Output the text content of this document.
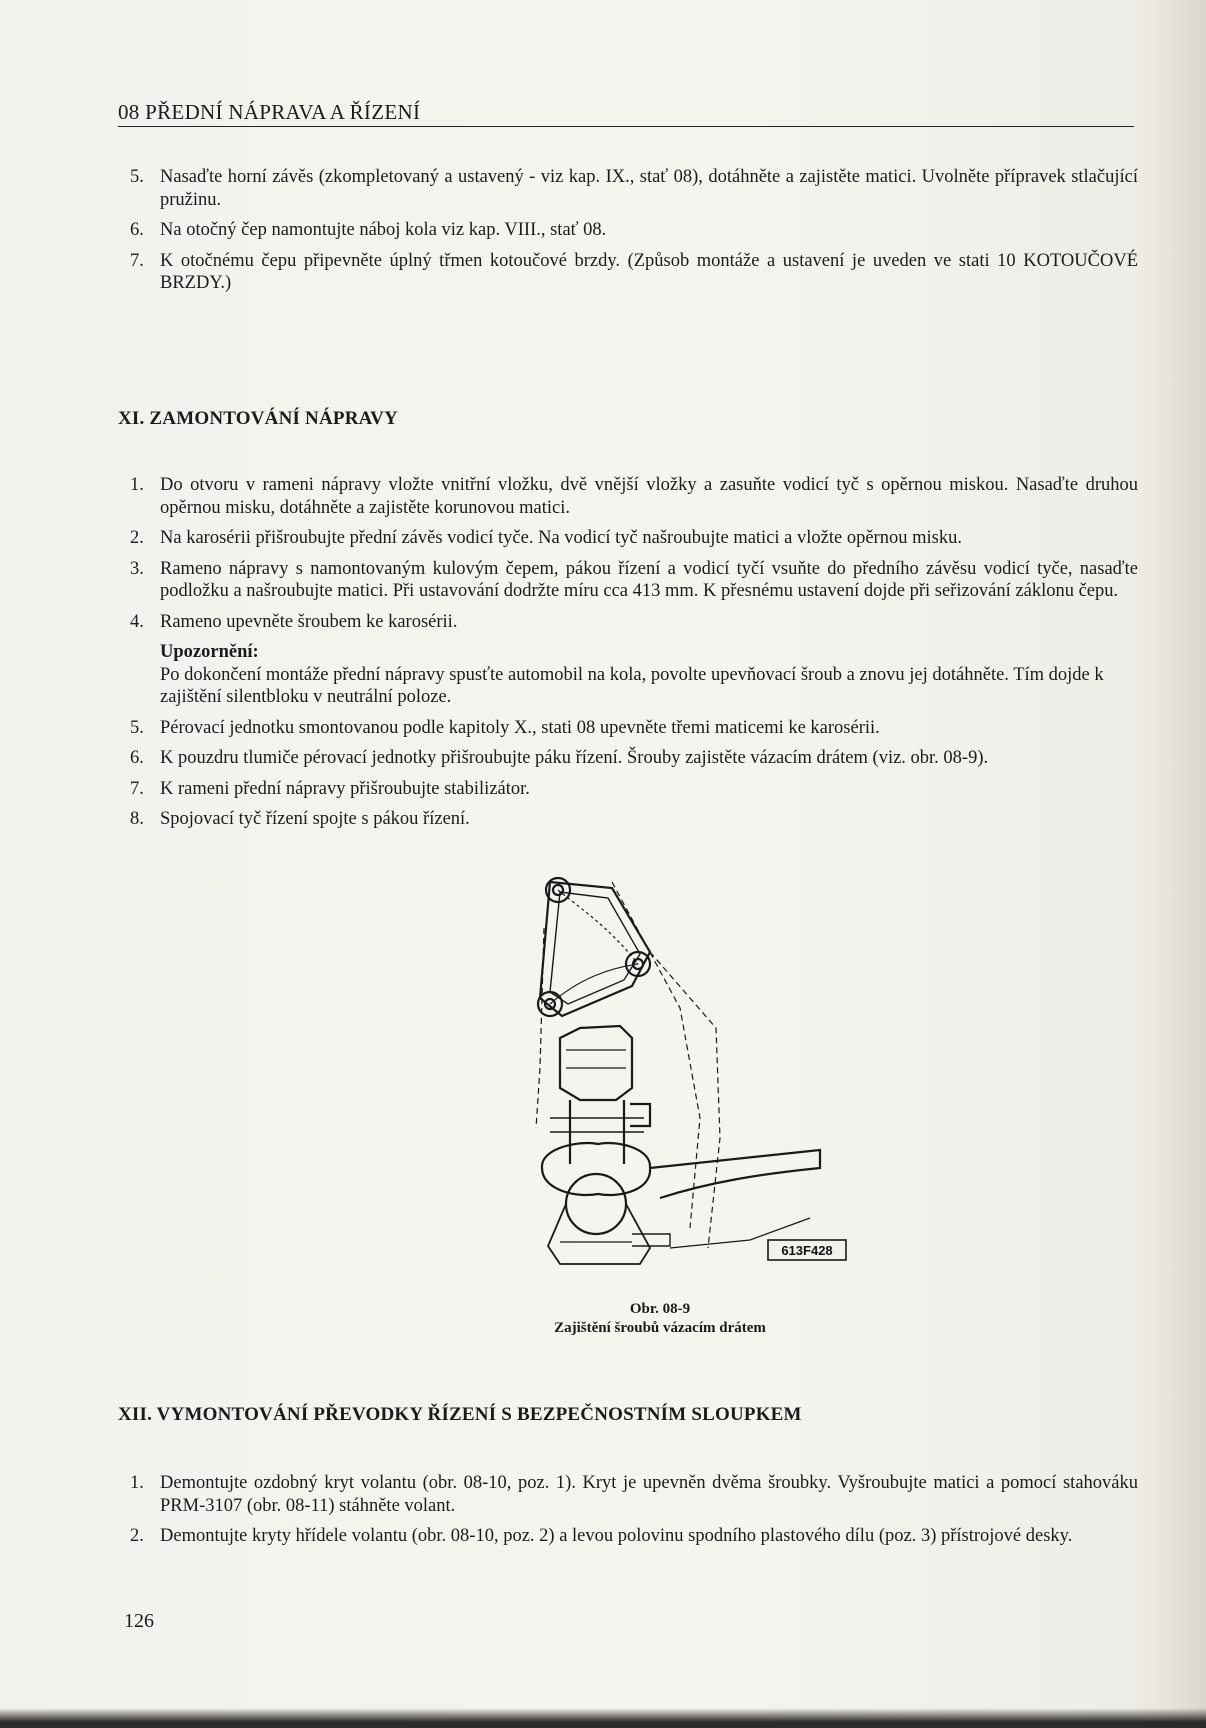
08 PŘEDNÍ NÁPRAVA A ŘÍZENÍ
5. Nasaďte horní závěs (zkompletovaný a ustavený - viz kap. IX., stať 08), dotáhněte a zajistěte matici. Uvolněte přípravek stlačující pružinu.
6. Na otočný čep namontujte náboj kola viz kap. VIII., stať 08.
7. K otočnému čepu připevněte úplný třmen kotoučové brzdy. (Způsob montáže a ustavení je uveden ve stati 10 KOTOUČOVÉ BRZDY.)
XI. ZAMONTOVÁNÍ NÁPRAVY
1. Do otvoru v rameni nápravy vložte vnitřní vložku, dvě vnější vložky a zasuňte vodicí tyč s opěrnou miskou. Nasaďte druhou opěrnou misku, dotáhněte a zajistěte korunovou matici.
2. Na karosérii přišroubujte přední závěs vodicí tyče. Na vodicí tyč našroubujte matici a vložte opěrnou misku.
3. Rameno nápravy s namontovaným kulovým čepem, pákou řízení a vodicí tyčí vsuňte do předního závěsu vodicí tyče, nasaďte podložku a našroubujte matici. Při ustavování dodržte míru cca 413 mm. K přesnému ustavení dojde při seřizování záklonu čepu.
4. Rameno upevněte šroubem ke karosérii.
Upozornění:
Po dokončení montáže přední nápravy spusťte automobil na kola, povolte upevňovací šroub a znovu jej dotáhněte. Tím dojde k zajištění silentbloku v neutrální poloze.
5. Pérovací jednotku smontovanou podle kapitoly X., stati 08 upevněte třemi maticemi ke karosérii.
6. K pouzdru tlumiče pérovací jednotky přišroubujte páku řízení. Šrouby zajistěte vázacím drátem (viz. obr. 08-9).
7. K rameni přední nápravy přišroubujte stabilizátor.
8. Spojovací tyč řízení spojte s pákou řízení.
613F428
Obr. 08-9
Zajištění šroubů vázacím drátem
XII. VYMONTOVÁNÍ PŘEVODKY ŘÍZENÍ S BEZPEČNOSTNÍM SLOUPKEM
1. Demontujte ozdobný kryt volantu (obr. 08-10, poz. 1). Kryt je upevněn dvěma šroubky. Vyšroubujte matici a pomocí stahováku PRM-3107 (obr. 08-11) stáhněte volant.
2. Demontujte kryty hřídele volantu (obr. 08-10, poz. 2) a levou polovinu spodního plastového dílu (poz. 3) přístrojové desky.
126
